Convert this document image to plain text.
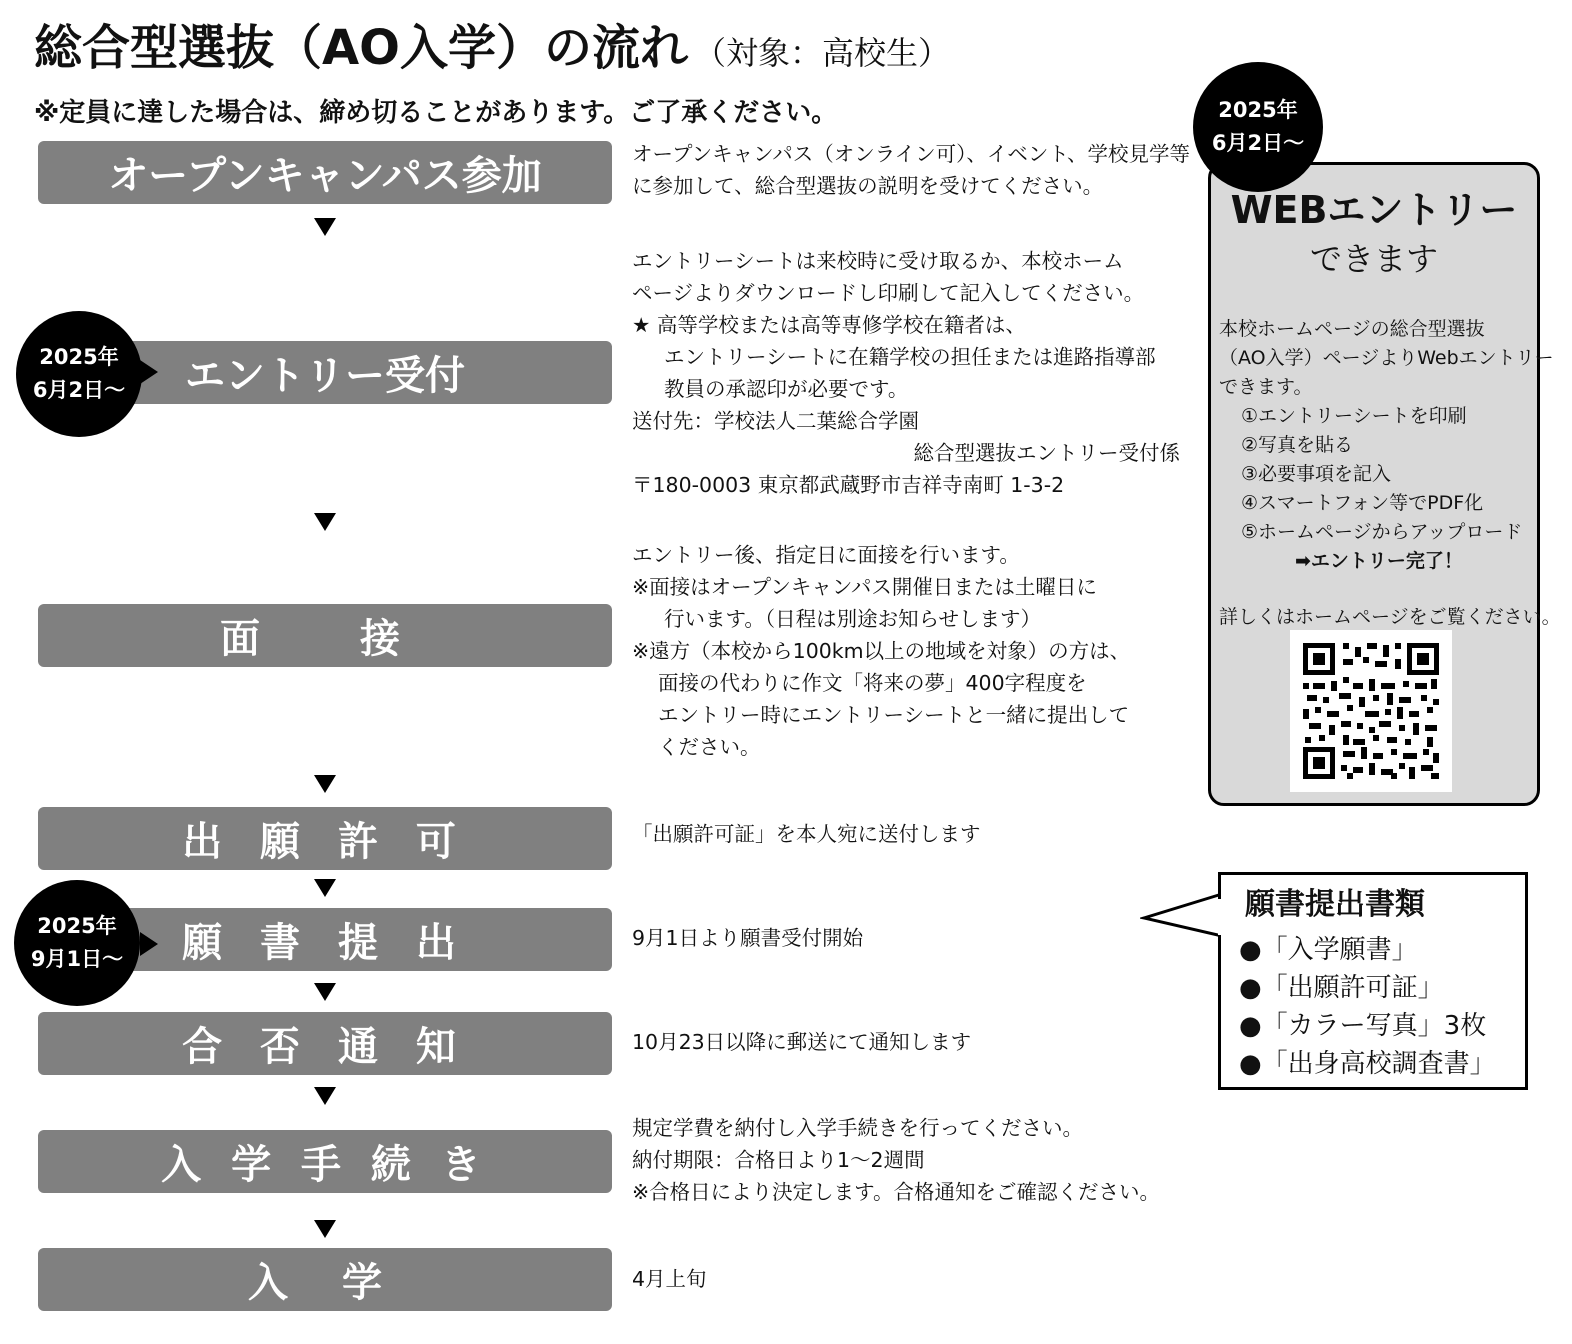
総合型選抜（AO入学）の流れ （対象：高校生）
※定員に達した場合は、締め切ることがあります。ご了承ください。
オープンキャンパス参加
エントリー受付
面　接
出 願 許 可
願 書 提 出
合 否 通 知
入 学 手 続 き
入 学

2025年

6月2日～

2025年

9月1日～

オープンキャンパス（オンライン可）、イベント、学校見学等

に参加して、総合型選抜の説明を受けてください。

エントリーシートは来校時に受け取るか、本校ホーム

ページよりダウンロードし印刷して記入してください。

★ 高等学校または高等専修学校在籍者は、

エントリーシートに在籍学校の担任または進路指導部

教員の承認印が必要です。

送付先：学校法人二葉総合学園

総合型選抜エントリー受付係

〒180-0003 東京都武蔵野市吉祥寺南町 1-3-2

エントリー後、指定日に面接を行います。

※面接はオープンキャンパス開催日または土曜日に

行います。（日程は別途お知らせします）

※遠方（本校から100km以上の地域を対象）の方は、

面接の代わりに作文「将来の夢」400字程度を

エントリー時にエントリーシートと一緒に提出して

ください。

「出願許可証」を本人宛に送付します
9月1日より願書受付開始
10月23日以降に郵送にて通知します

規定学費を納付し入学手続きを行ってください。

納付期限：合格日より1～2週間

※合格日により決定します。合格通知をご確認ください。

4月上旬
WEBエントリー
できます

本校ホームページの総合型選抜

（AO入学）ページよりWebエントリー

できます。

①エントリーシートを印刷

②写真を貼る

③必要事項を記入

④スマートフォン等でPDF化

⑤ホームページからアップロード

➡エントリー完了！

詳しくはホームページをご覧ください。

2025年

6月2日～

願書提出書類
●「入学願書」
●「出願許可証」
●「カラー写真」3枚
●「出身高校調査書」
